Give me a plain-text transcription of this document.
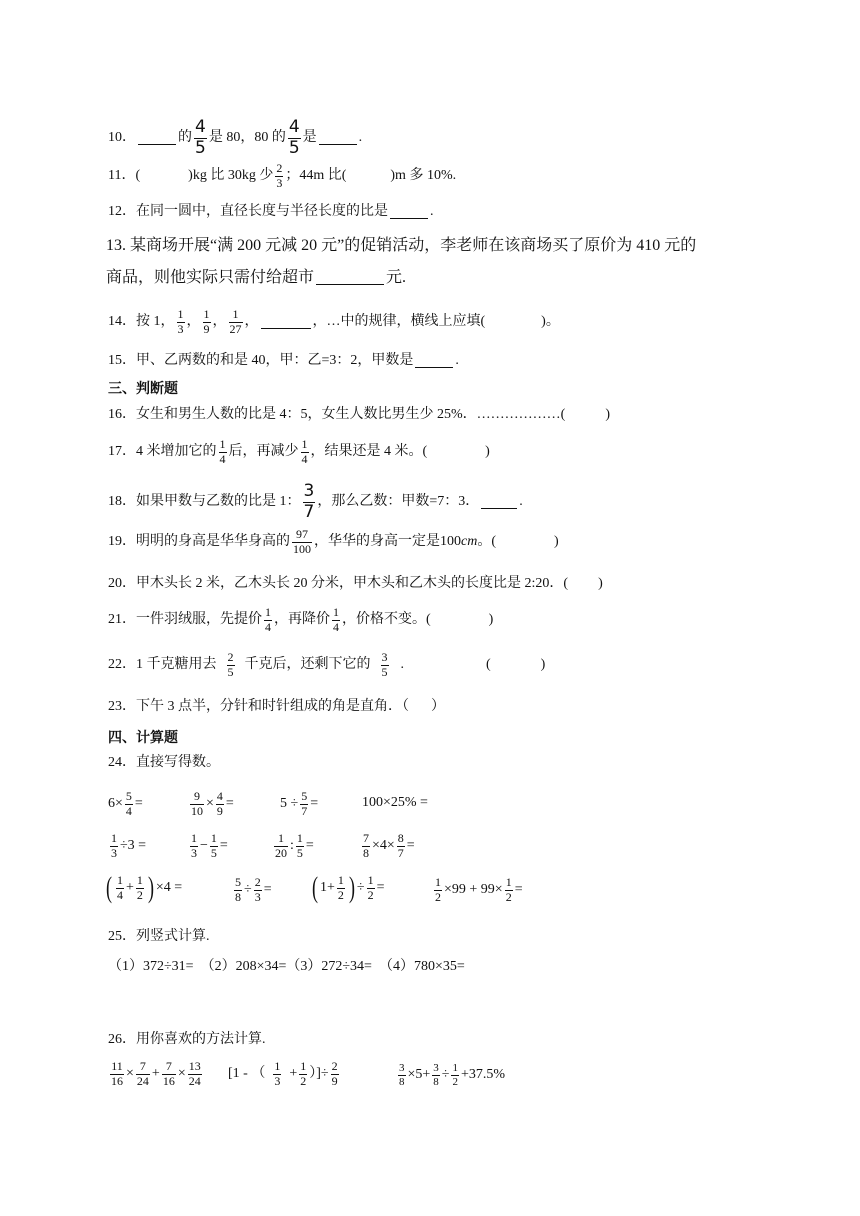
10．	的 $\frac{4}{5}$ 是 80，80 的 $\frac{4}{5}$ 是	.
11．(	)kg 比 30kg 少 $\frac{2}{3}$ ；44m 比(	)m 多 10%.
12．在同一圆中，直径长度与半径长度的比是	.
13. 某商场开展“满 200 元减 20 元”的促销活动，李老师在该商场买了原价为 410 元的
商品，则他实际只需付给超市	元.
14．按 1， $\frac{1}{3}$ ， $\frac{1}{9}$ ， $\frac{1}{27}$ ，	，…中的规律，横线上应填(	)。
15．甲、乙两数的和是 40，甲：乙=3：2，甲数是	.
三、判断题
16．女生和男生人数的比是 4：5，女生人数比男生少 25%．………………(	)
17．4 米增加它的 $\frac{1}{4}$ 后，再减少 $\frac{1}{4}$ ，结果还是 4 米。(	)
18．如果甲数与乙数的比是 1： $\frac{3}{7}$ ，那么乙数：甲数=7：3．	.
19．明明的身高是华华身高的 $\frac{97}{100}$ ，华华的身高一定是100 cm 。(	)
20．甲木头长 2 米，乙木头长 20 分米，甲木头和乙木头的长度比是 2:20．( )
21．一件羽绒服，先提价 $\frac{1}{4}$ ，再降价 $\frac{1}{4}$ ，价格不变。(	)
22．1 千克糖用去 $\frac{2}{5}$ 千克后，还剩下它的 $\frac{3}{5}$ .	(	)
23．下午 3 点半，分针和时针组成的角是直角．（ ）
四、计算题
24．直接写得数。
$6\times \frac{5}{4}$ =	$\frac{9}{10} \times \frac{4}{9}$ =	$5 \div \frac{5}{7}$ =	100×25% =
$\frac{1}{3} \div 3$ =	$\frac{1}{3} - \frac{1}{5}$ =	$\frac{1}{20}$ : $\frac{1}{5}$ =	$\frac{7}{8} \times 4\times \frac{8}{7}$ =
( $\frac{1}{4} + \frac{1}{2}$ ) ×4 =	$\frac{5}{8} \div \frac{2}{3}$ = ( $1+ \frac{1}{2}$ ) ÷ $\frac{1}{2}$ =	$\frac{1}{2} \times 99 + 99\times \frac{1}{2}$ =
25．列竖式计算.
（1）372÷31=　（2）208×34=（3）272÷34=　（4）780×35=
26．用你喜欢的方法计算.
$\frac{11}{16} \times \frac{7}{24} + \frac{7}{16} \times \frac{13}{24} [1$ - （ $\frac{1}{3} + \frac{1}{2}$ ）]÷ $\frac{2}{9}$	$\frac{3}{8} \times 5+ \frac{3}{8} \div \frac{1}{2} +37.5\%$
